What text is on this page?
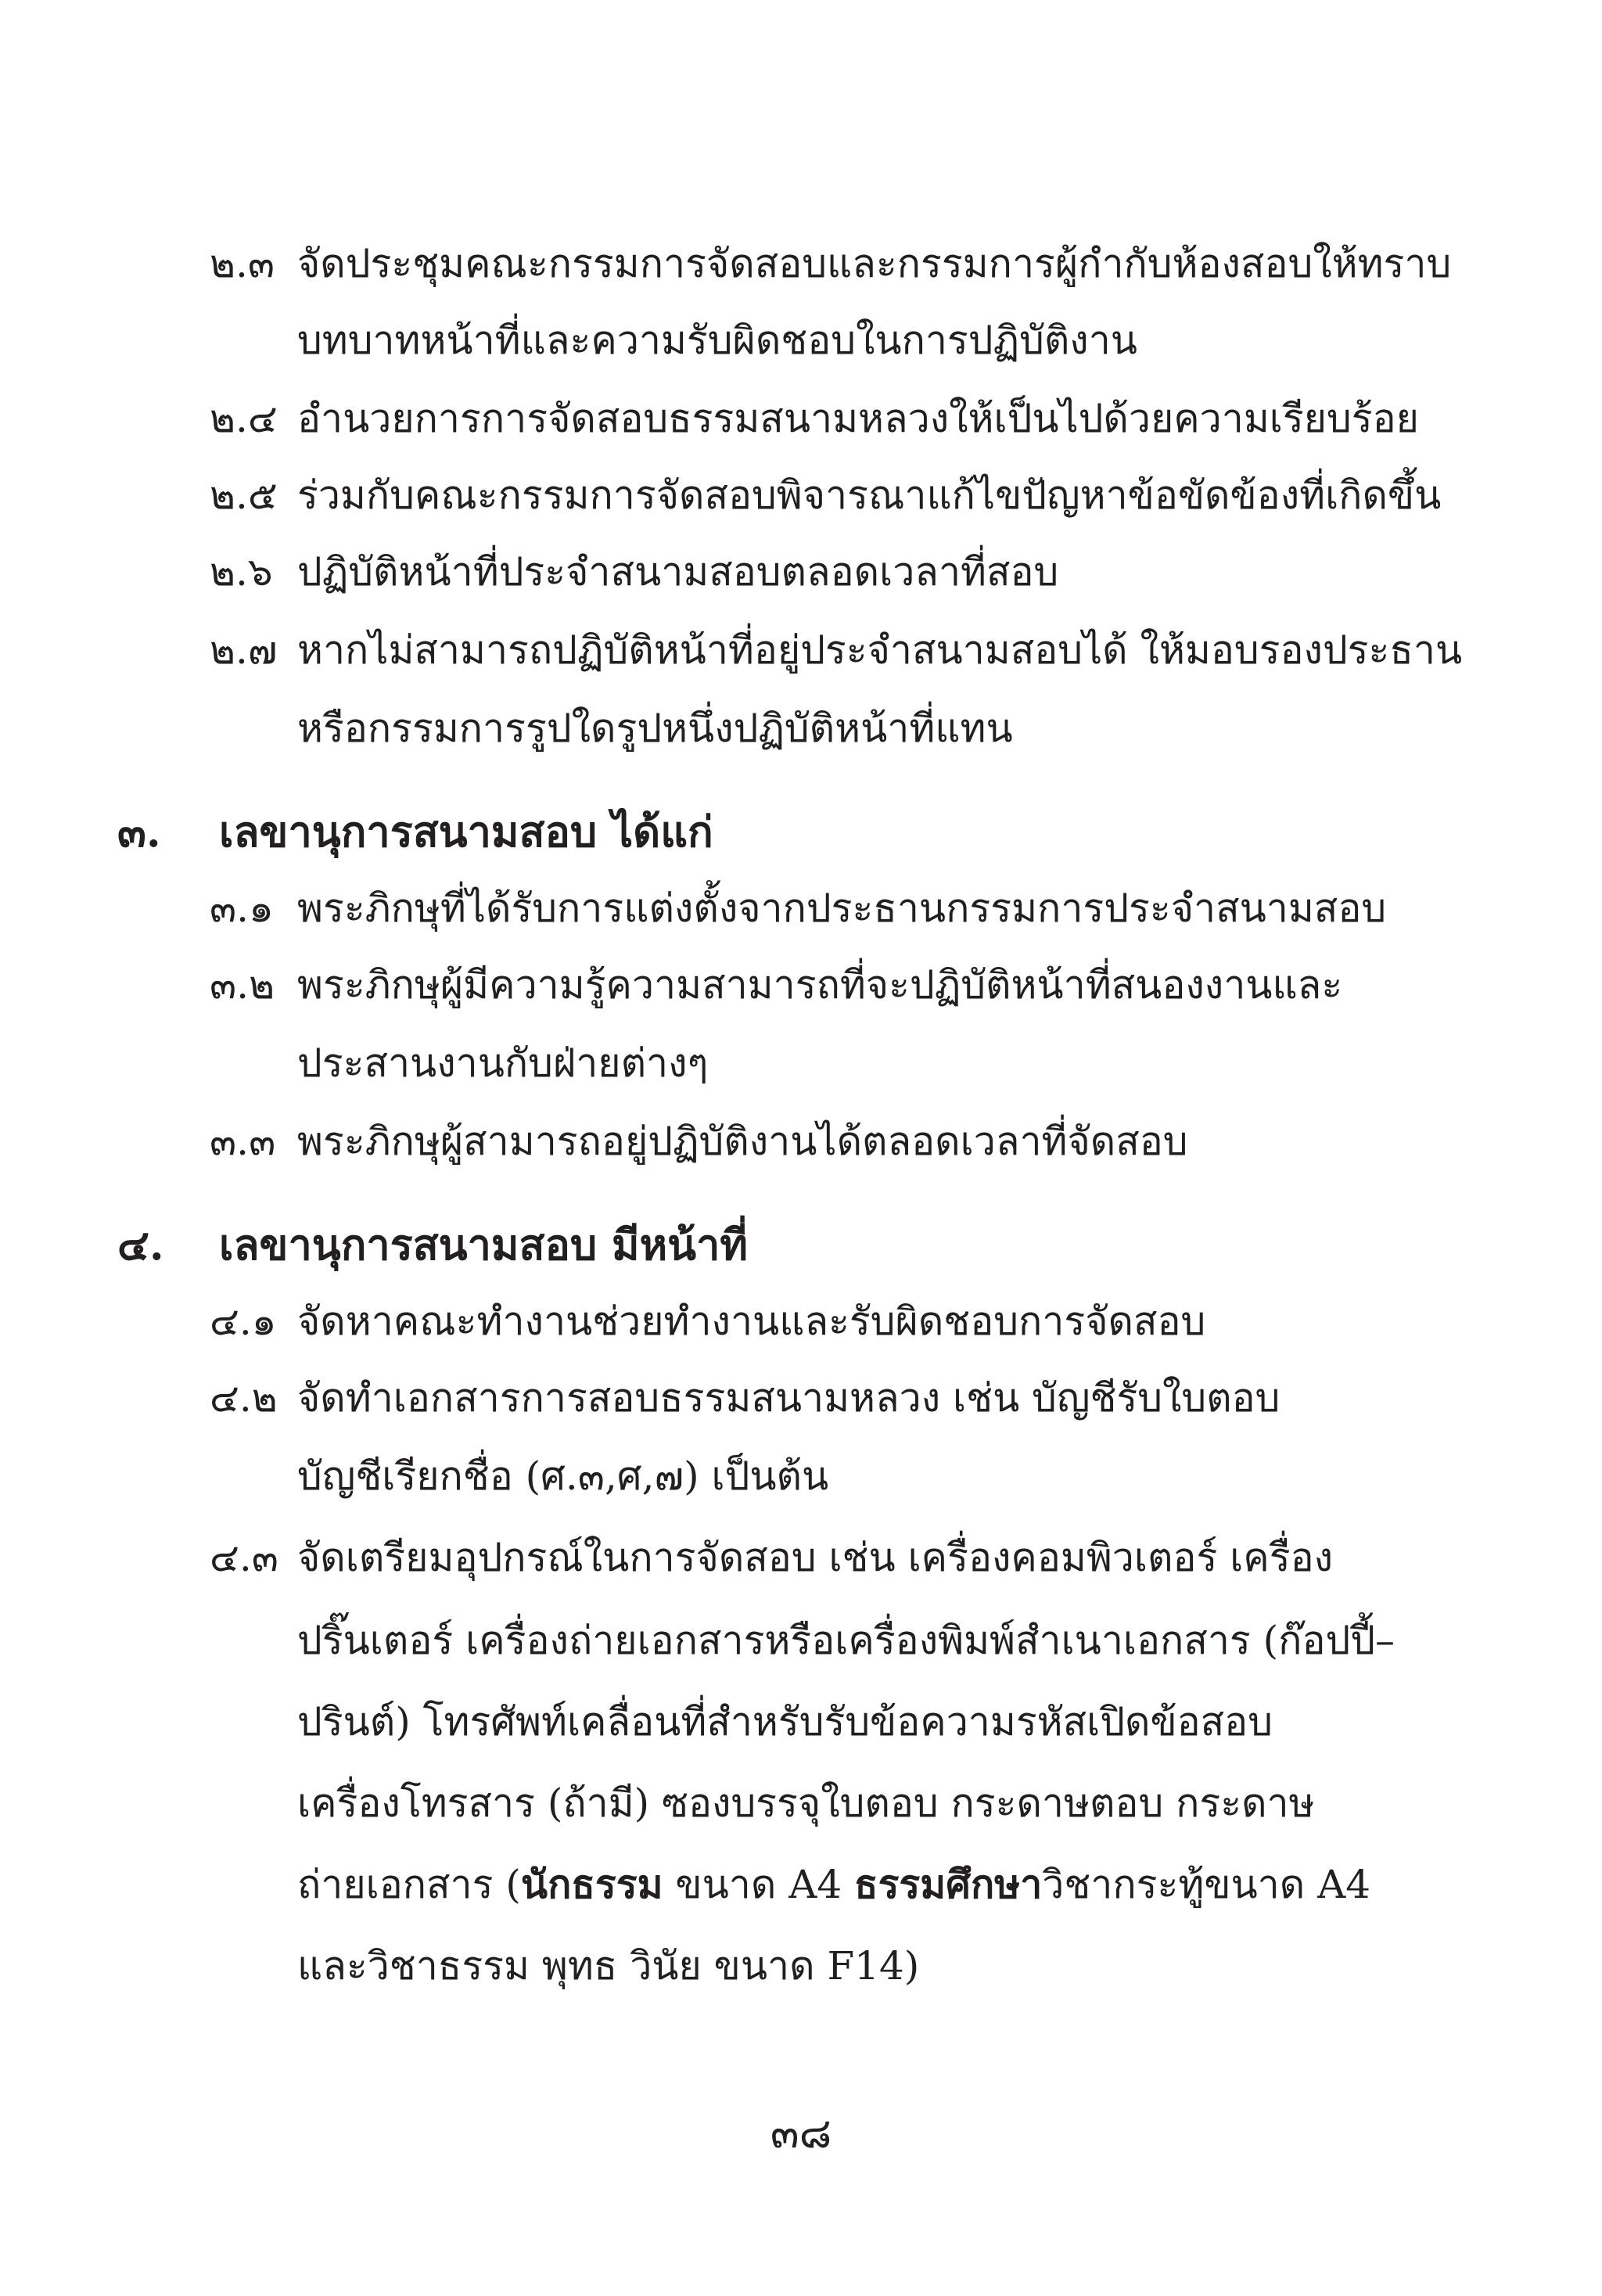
๒.๓ จัดประชุมคณะกรรมการจัดสอบและกรรมการผู้กำกับห้องสอบให้ทราบ
บทบาทหน้าที่และความรับผิดชอบในการปฏิบัติงาน
๒.๔ อำนวยการการจัดสอบธรรมสนามหลวงให้เป็นไปด้วยความเรียบร้อย
๒.๕ ร่วมกับคณะกรรมการจัดสอบพิจารณาแก้ไขปัญหาข้อขัดข้องที่เกิดขึ้น
๒.๖ ปฏิบัติหน้าที่ประจำสนามสอบตลอดเวลาที่สอบ
๒.๗ หากไม่สามารถปฏิบัติหน้าที่อยู่ประจำสนามสอบได้ ให้มอบรองประธาน
หรือกรรมการรูปใดรูปหนึ่งปฏิบัติหน้าที่แทน
๓. เลขานุการสนามสอบ ได้แก่
๓.๑ พระภิกษุที่ได้รับการแต่งตั้งจากประธานกรรมการประจำสนามสอบ
๓.๒ พระภิกษุผู้มีความรู้ความสามารถที่จะปฏิบัติหน้าที่สนองงานและ
ประสานงานกับฝ่ายต่างๆ
๓.๓ พระภิกษุผู้สามารถอยู่ปฏิบัติงานได้ตลอดเวลาที่จัดสอบ
๔. เลขานุการสนามสอบ มีหน้าที่
๔.๑ จัดหาคณะทำงานช่วยทำงานและรับผิดชอบการจัดสอบ
๔.๒ จัดทำเอกสารการสอบธรรมสนามหลวง เช่น บัญชีรับใบตอบ
บัญชีเรียกชื่อ (ศ.๓,ศ,๗) เป็นต้น
๔.๓ จัดเตรียมอุปกรณ์ในการจัดสอบ เช่น เครื่องคอมพิวเตอร์ เครื่อง
ปริ๊นเตอร์ เครื่องถ่ายเอกสารหรือเครื่องพิมพ์สำเนาเอกสาร (ก๊อปปี้–
ปรินต์) โทรศัพท์เคลื่อนที่สำหรับรับข้อความรหัสเปิดข้อสอบ
เครื่องโทรสาร (ถ้ามี) ซองบรรจุใบตอบ กระดาษตอบ กระดาษ
ถ่ายเอกสาร (นักธรรม ขนาด A4 ธรรมศึกษาวิชากระทู้ขนาด A4
และวิชาธรรม พุทธ วินัย ขนาด F14)
๓๘
